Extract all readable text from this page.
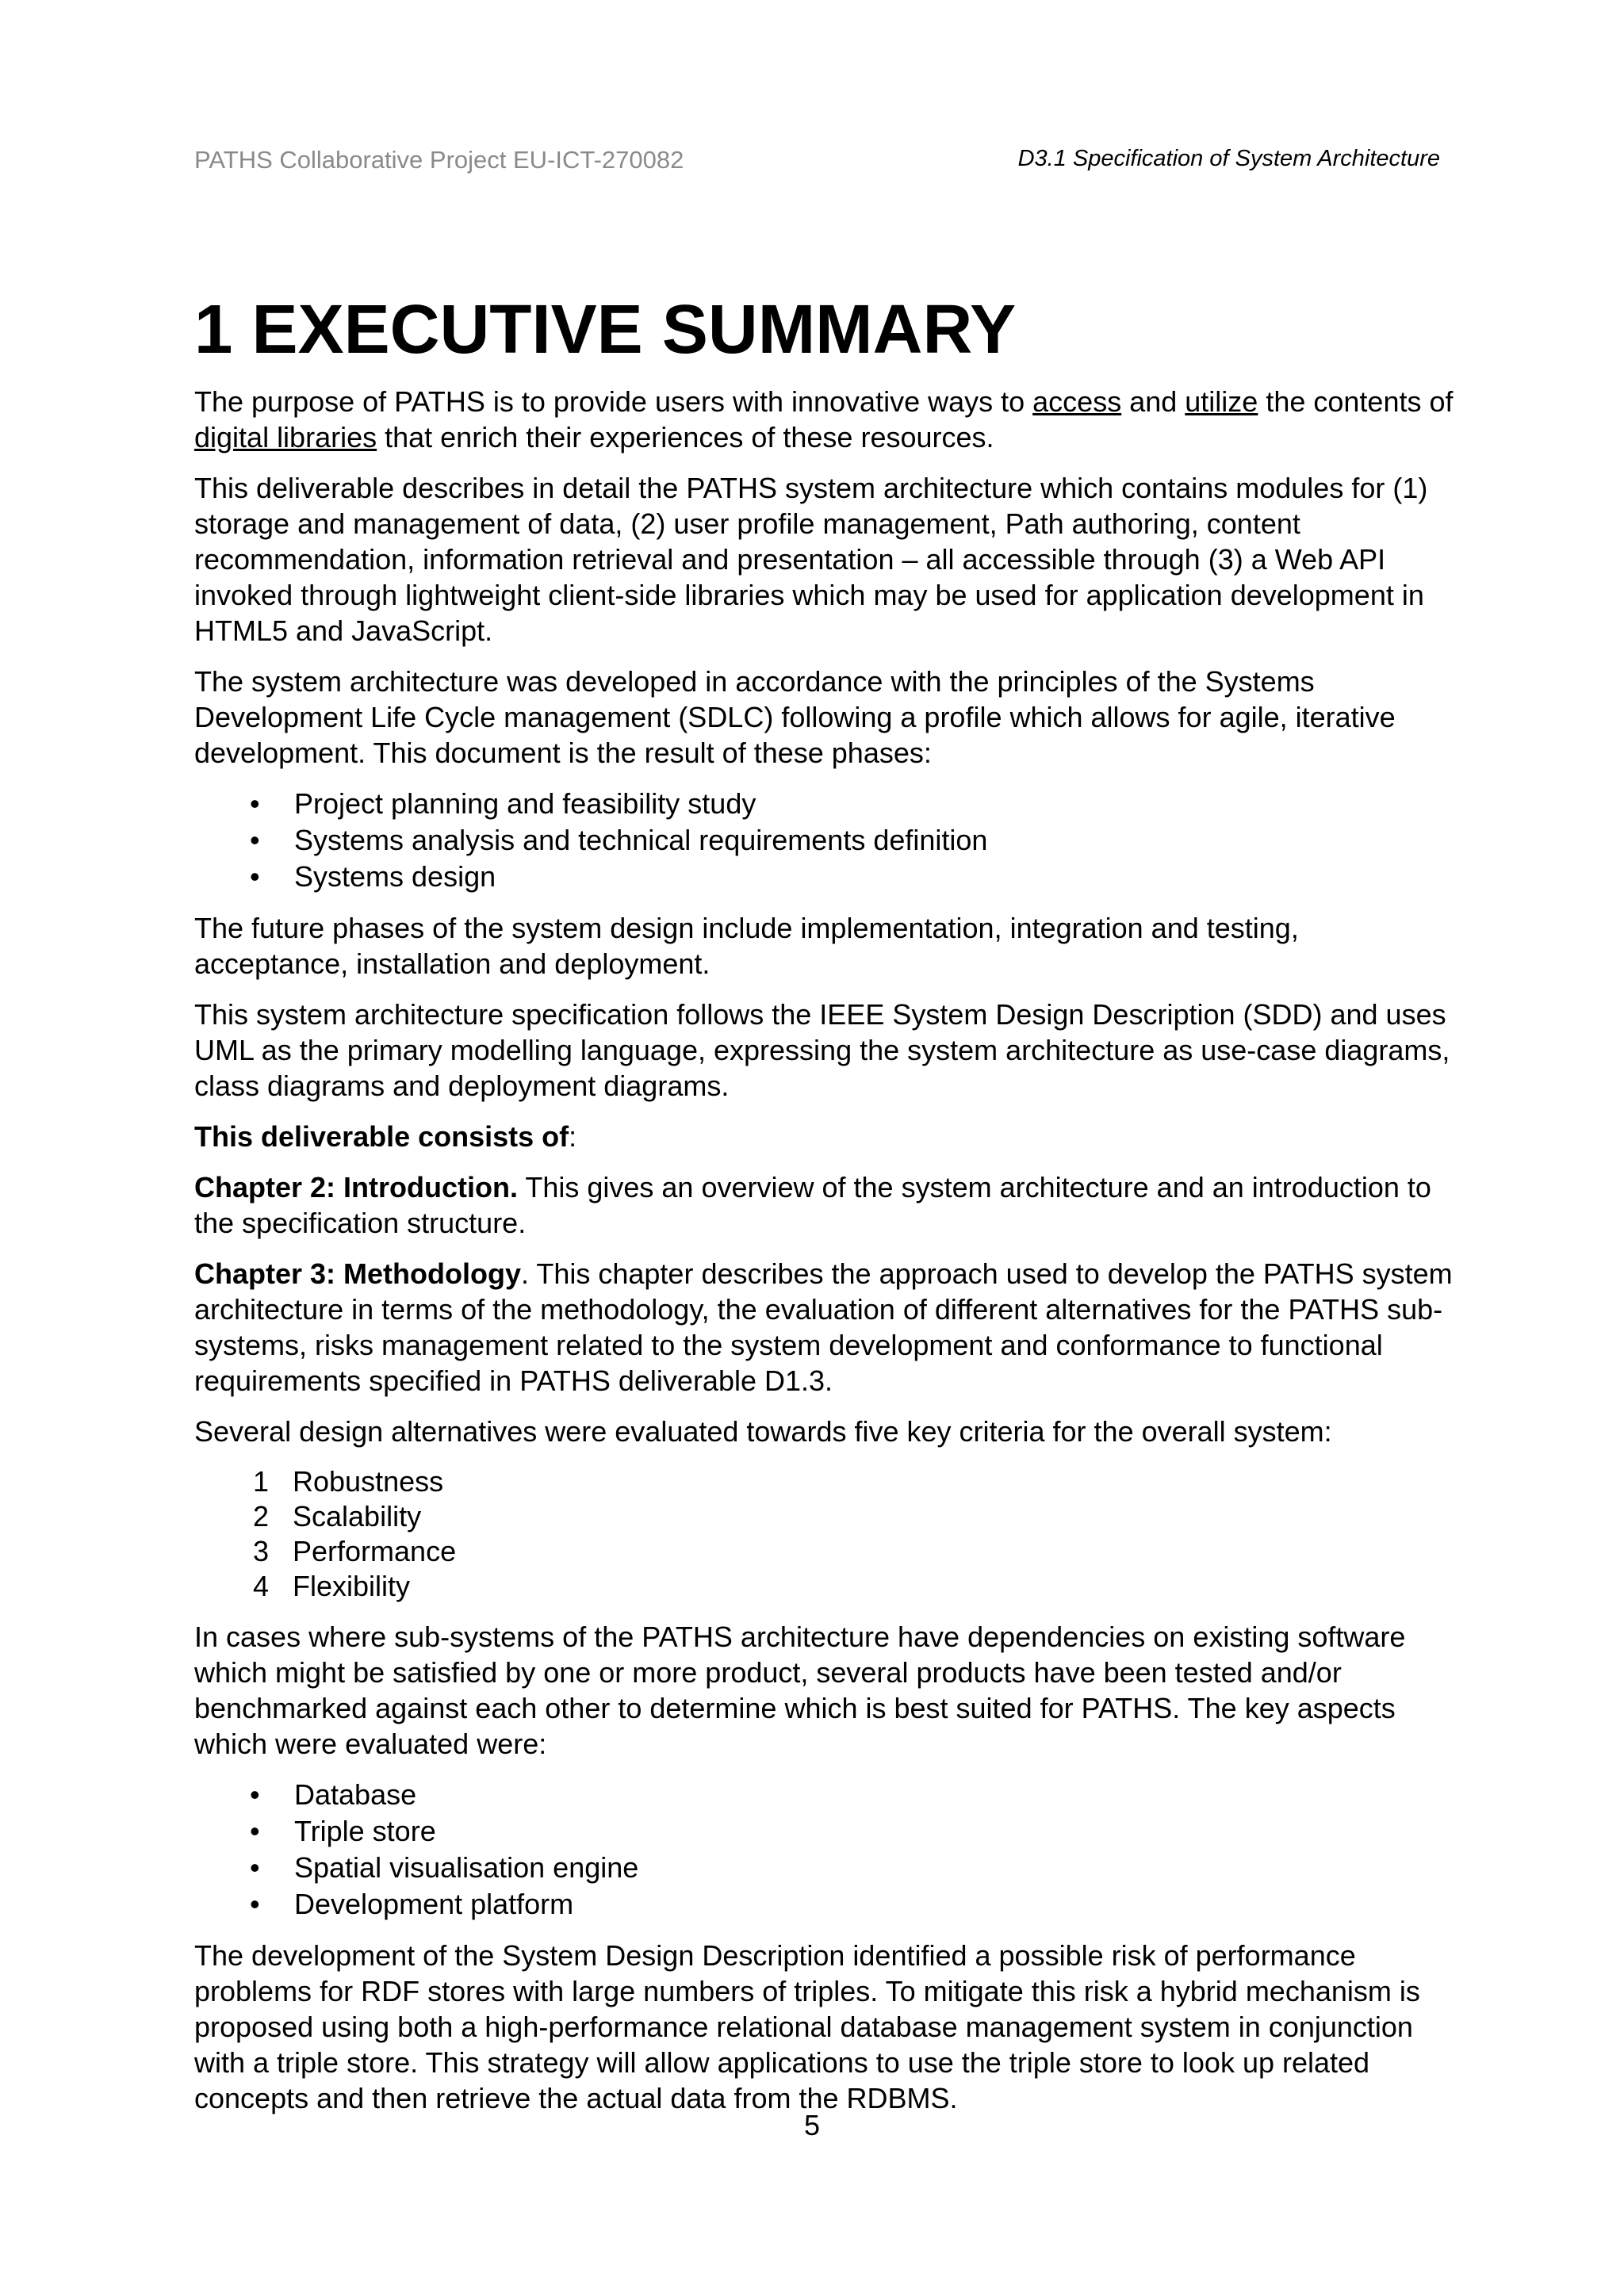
PATHS Collaborative Project EU-ICT-270082	D3.1 Specification of System Architecture
1 EXECUTIVE SUMMARY

The purpose of PATHS is to provide users with innovative ways to access and utilize the contents of digital libraries that enrich their experiences of these resources.

This deliverable describes in detail the PATHS system architecture which contains modules for (1) storage and management of data, (2) user profile management, Path authoring, content recommendation, information retrieval and presentation – all accessible through (3) a Web API invoked through lightweight client-side libraries which may be used for application development in HTML5 and JavaScript.

The system architecture was developed in accordance with the principles of the Systems Development Life Cycle management (SDLC) following a profile which allows for agile, iterative development. This document is the result of these phases:

• Project planning and feasibility study
• Systems analysis and technical requirements definition
• Systems design

The future phases of the system design include implementation, integration and testing, acceptance, installation and deployment.

This system architecture specification follows the IEEE System Design Description (SDD) and uses UML as the primary modelling language, expressing the system architecture as use-case diagrams, class diagrams and deployment diagrams.

This deliverable consists of:

Chapter 2: Introduction. This gives an overview of the system architecture and an introduction to the specification structure.

Chapter 3: Methodology. This chapter describes the approach used to develop the PATHS system architecture in terms of the methodology, the evaluation of different alternatives for the PATHS sub-systems, risks management related to the system development and conformance to functional requirements specified in PATHS deliverable D1.3.

Several design alternatives were evaluated towards five key criteria for the overall system:

1 Robustness
2 Scalability
3 Performance
4 Flexibility

In cases where sub-systems of the PATHS architecture have dependencies on existing software which might be satisfied by one or more product, several products have been tested and/or benchmarked against each other to determine which is best suited for PATHS. The key aspects which were evaluated were:

• Database
• Triple store
• Spatial visualisation engine
• Development platform

The development of the System Design Description identified a possible risk of performance problems for RDF stores with large numbers of triples. To mitigate this risk a hybrid mechanism is proposed using both a high-performance relational database management system in conjunction with a triple store. This strategy will allow applications to use the triple store to look up related concepts and then retrieve the actual data from the RDBMS.

5
